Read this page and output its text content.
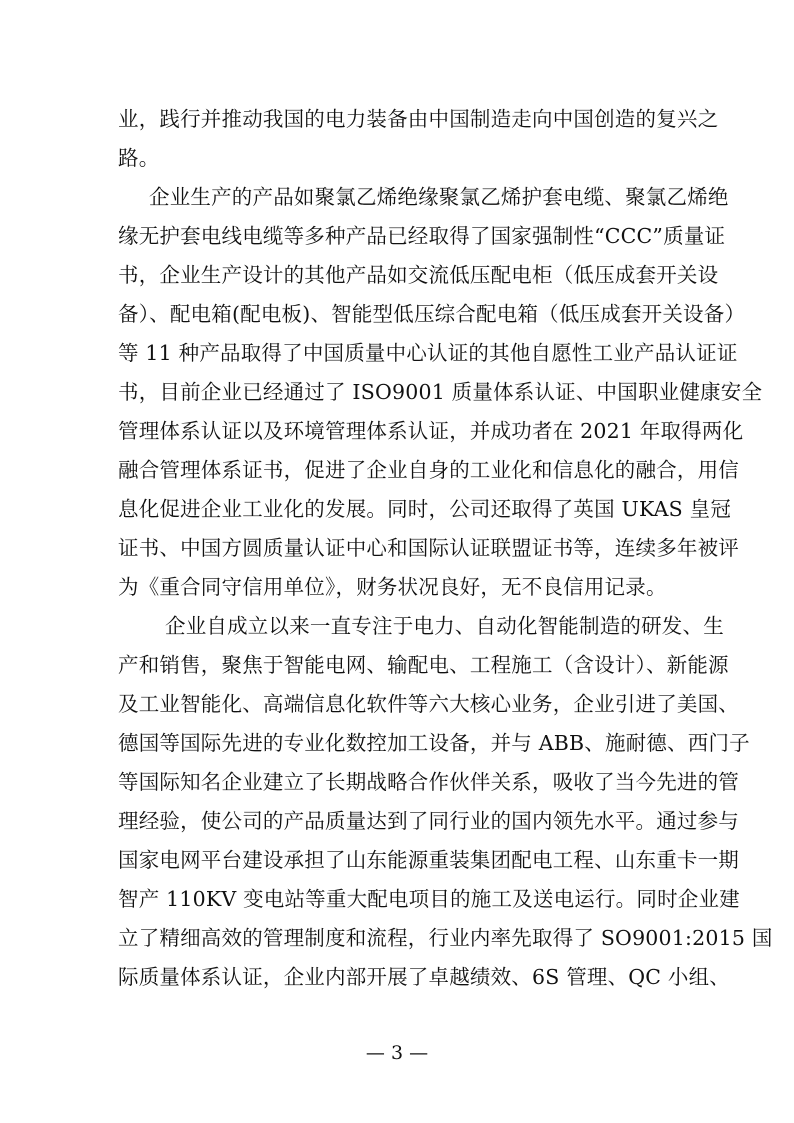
业，践行并推动我国的电力装备由中国制造走向中国创造的复兴之
路。
企业生产的产品如聚氯乙烯绝缘聚氯乙烯护套电缆、聚氯乙烯绝
缘无护套电线电缆等多种产品已经取得了国家强制性“CCC”质量证
书，企业生产设计的其他产品如交流低压配电柜（低压成套开关设
备）、配电箱(配电板)、智能型低压综合配电箱（低压成套开关设备）
等 11 种产品取得了中国质量中心认证的其他自愿性工业产品认证证
书，目前企业已经通过了 ISO9001 质量体系认证、中国职业健康安全
管理体系认证以及环境管理体系认证，并成功者在 2021 年取得两化
融合管理体系证书，促进了企业自身的工业化和信息化的融合，用信
息化促进企业工业化的发展。同时，公司还取得了英国 UKAS 皇冠
证书、中国方圆质量认证中心和国际认证联盟证书等，连续多年被评
为《重合同守信用单位》，财务状况良好，无不良信用记录。
企业自成立以来一直专注于电力、自动化智能制造的研发、生
产和销售，聚焦于智能电网、输配电、工程施工（含设计）、新能源
及工业智能化、高端信息化软件等六大核心业务，企业引进了美国、
德国等国际先进的专业化数控加工设备，并与 ABB、施耐德、西门子
等国际知名企业建立了长期战略合作伙伴关系，吸收了当今先进的管
理经验，使公司的产品质量达到了同行业的国内领先水平。通过参与
国家电网平台建设承担了山东能源重装集团配电工程、山东重卡一期
智产 110KV 变电站等重大配电项目的施工及送电运行。同时企业建
立了精细高效的管理制度和流程，行业内率先取得了 SO9001:2015 国
际质量体系认证，企业内部开展了卓越绩效、6S 管理、QC 小组、
— 3 —
